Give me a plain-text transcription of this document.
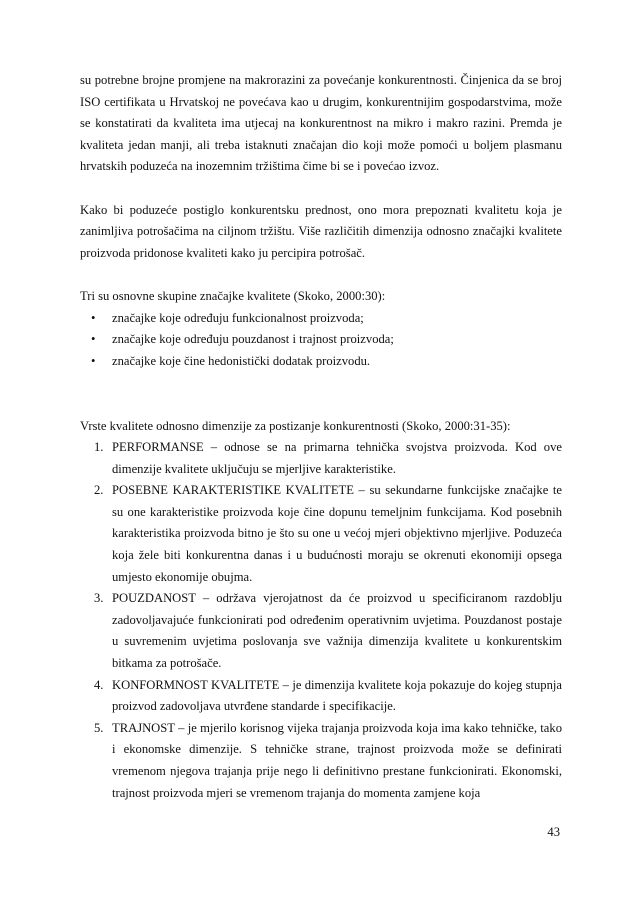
su potrebne brojne promjene na makrorazini za povećanje konkurentnosti. Činjenica da se broj ISO certifikata u Hrvatskoj ne povećava kao u drugim, konkurentnijim gospodarstvima, može se konstatirati da kvaliteta ima utjecaj na konkurentnost na mikro i makro razini. Premda je kvaliteta jedan manji, ali treba istaknuti značajan dio koji može pomoći u boljem plasmanu hrvatskih poduzeća na inozemnim tržištima čime bi se i povećao izvoz.

Kako bi poduzeće postiglo konkurentsku prednost, ono mora prepoznati kvalitetu koja je zanimljiva potrošačima na ciljnom tržištu. Više različitih dimenzija odnosno značajki kvalitete proizvoda pridonose kvaliteti kako ju percipira potrošač.

Tri su osnovne skupine značajke kvalitete (Skoko, 2000:30):

• značajke koje određuju funkcionalnost proizvoda;
• značajke koje određuju pouzdanost i trajnost proizvoda;
• značajke koje čine hedonistički dodatak proizvodu.

Vrste kvalitete odnosno dimenzije za postizanje konkurentnosti (Skoko, 2000:31-35):

1. PERFORMANSE – odnose se na primarna tehnička svojstva proizvoda. Kod ove dimenzije kvalitete uključuju se mjerljive karakteristike.
2. POSEBNE KARAKTERISTIKE KVALITETE – su sekundarne funkcijske značajke te su one karakteristike proizvoda koje čine dopunu temeljnim funkcijama. Kod posebnih karakteristika proizvoda bitno je što su one u većoj mjeri objektivno mjerljive. Poduzeća koja žele biti konkurentna danas i u budućnosti moraju se okrenuti ekonomiji opsega umjesto ekonomije obujma.
3. POUZDANOST – održava vjerojatnost da će proizvod u specificiranom razdoblju zadovoljavajuće funkcionirati pod određenim operativnim uvjetima. Pouzdanost postaje u suvremenim uvjetima poslovanja sve važnija dimenzija kvalitete u konkurentskim bitkama za potrošače.
4. KONFORMNOST KVALITETE – je dimenzija kvalitete koja pokazuje do kojeg stupnja proizvod zadovoljava utvrđene standarde i specifikacije.
5. TRAJNOST – je mjerilo korisnog vijeka trajanja proizvoda koja ima kako tehničke, tako i ekonomske dimenzije. S tehničke strane, trajnost proizvoda može se definirati vremenom njegova trajanja prije nego li definitivno prestane funkcionirati. Ekonomski, trajnost proizvoda mjeri se vremenom trajanja do momenta zamjene koja
43
